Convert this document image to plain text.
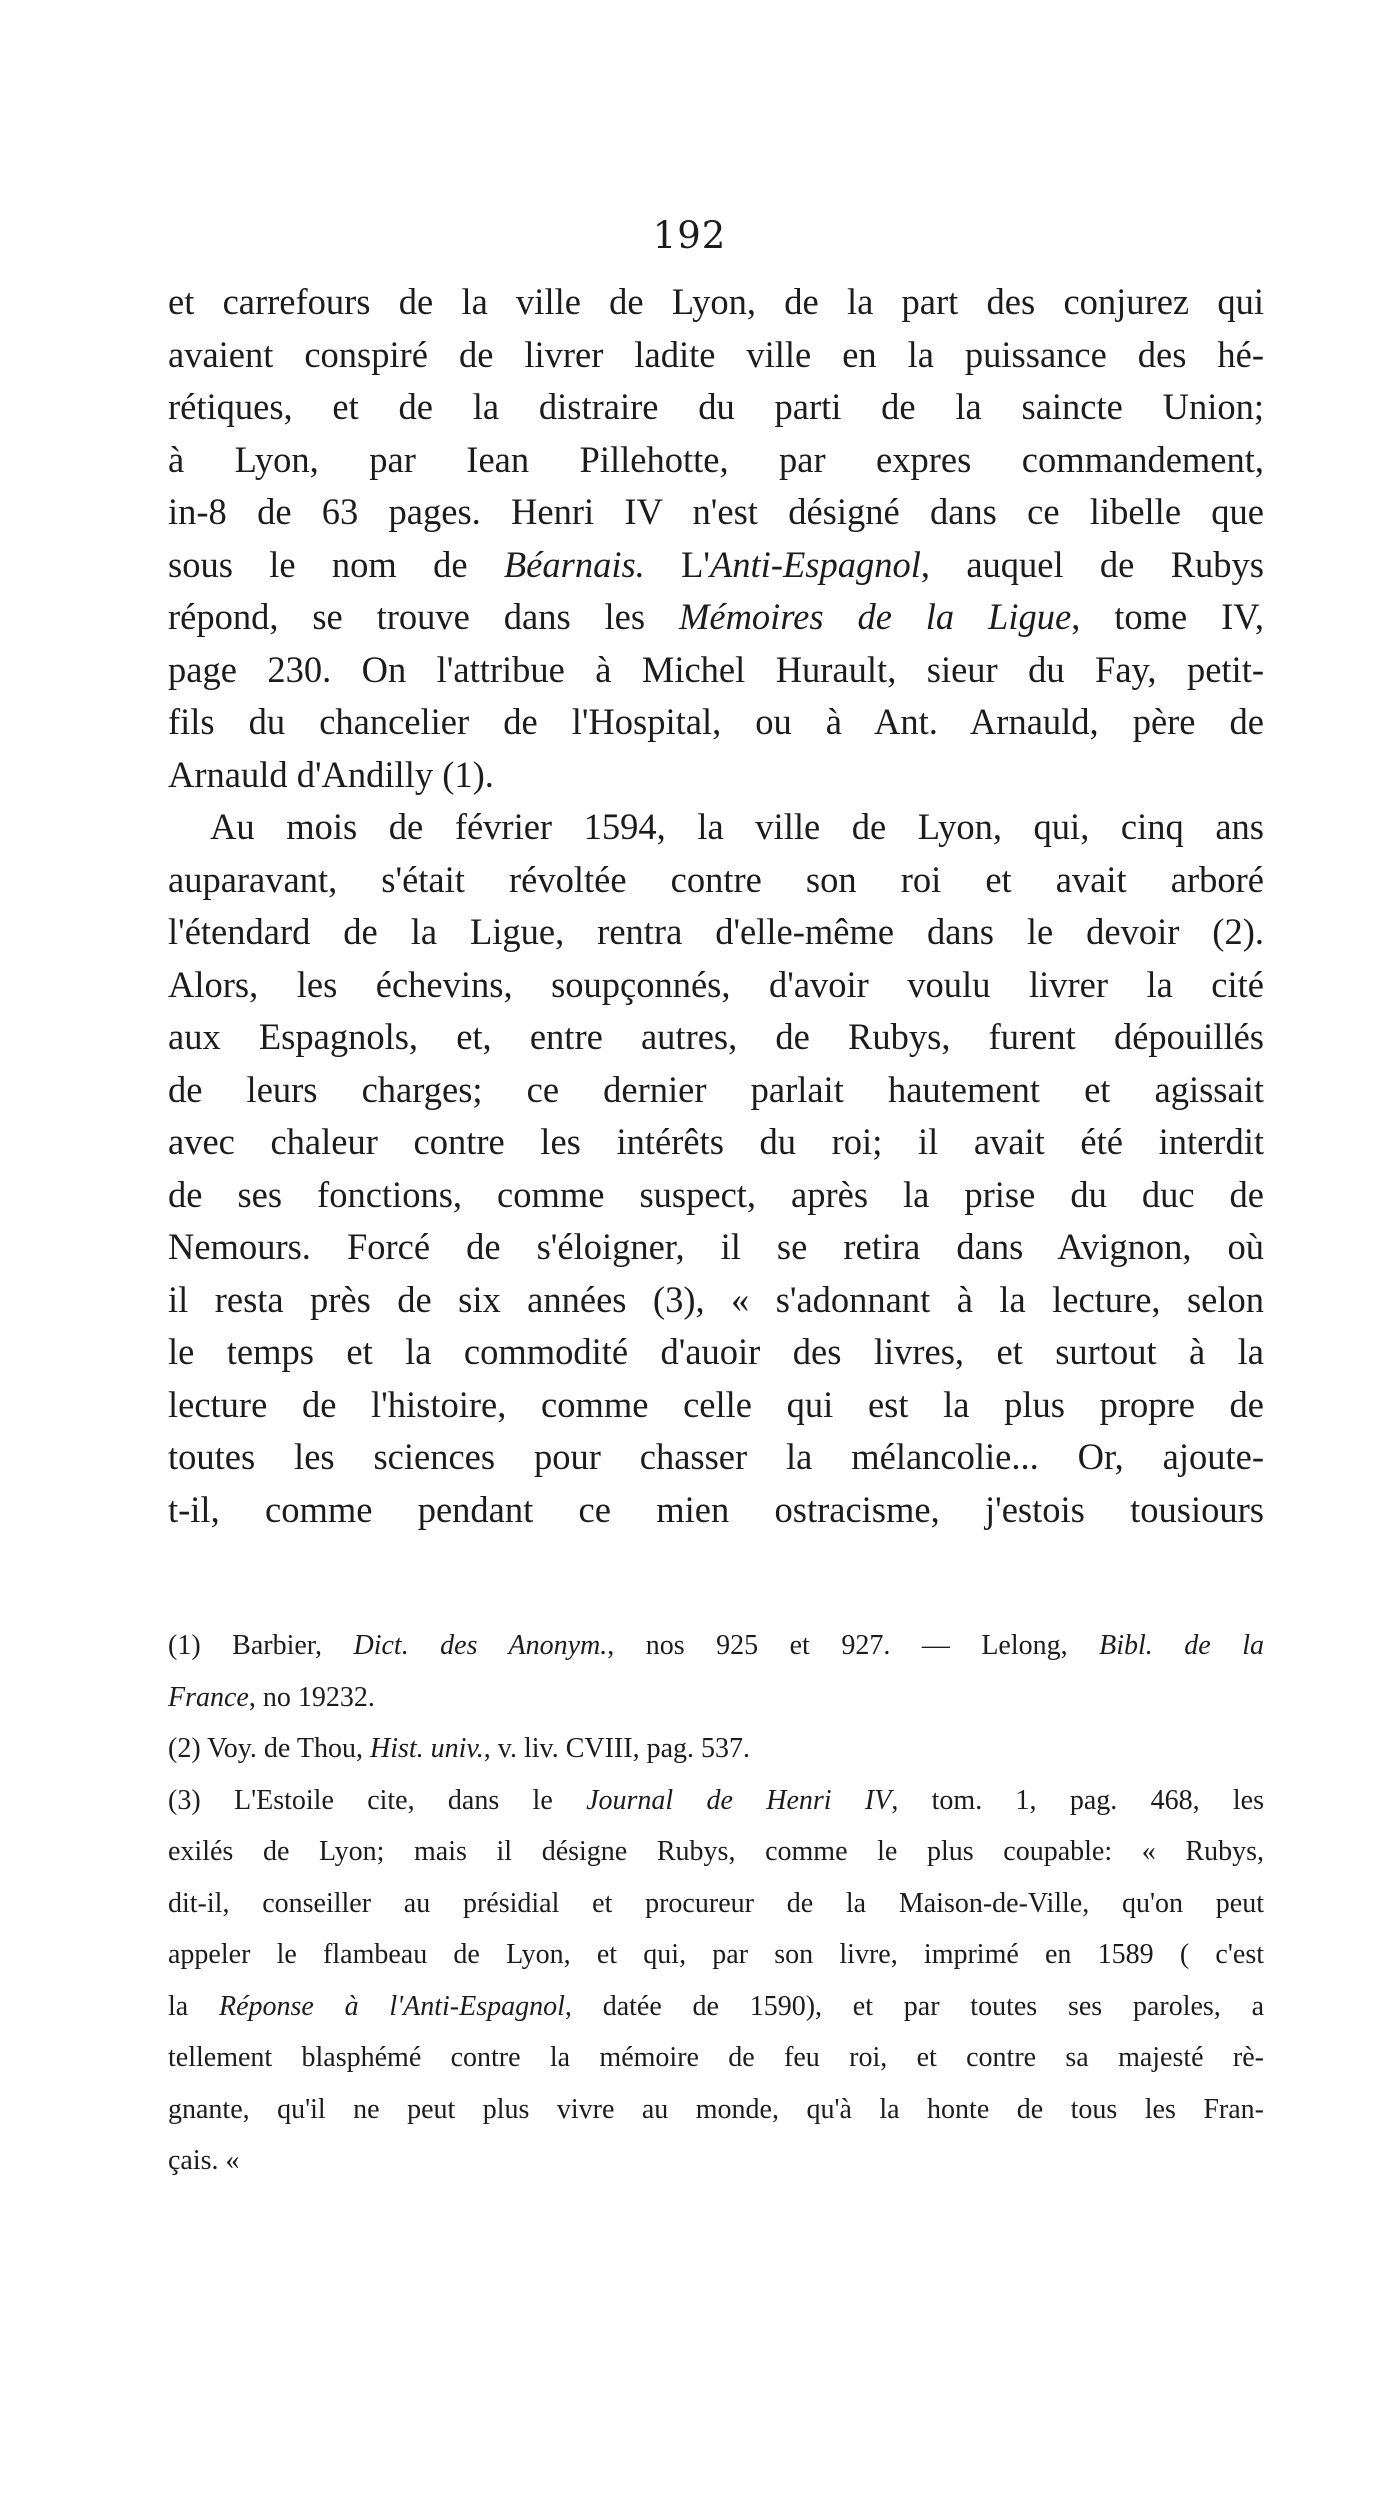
192
et carrefours de la ville de Lyon, de la part des conjurez qui
avaient conspiré de livrer ladite ville en la puissance des hé-
rétiques, et de la distraire du parti de la saincte Union;
à Lyon, par Iean Pillehotte, par expres commandement,
in-8 de 63 pages. Henri IV n'est désigné dans ce libelle que
sous le nom de Béarnais. L'Anti-Espagnol, auquel de Rubys
répond, se trouve dans les Mémoires de la Ligue, tome IV,
page 230. On l'attribue à Michel Hurault, sieur du Fay, petit-
fils du chancelier de l'Hospital, ou à Ant. Arnauld, père de
Arnauld d'Andilly (1).
Au mois de février 1594, la ville de Lyon, qui, cinq ans
auparavant, s'était révoltée contre son roi et avait arboré
l'étendard de la Ligue, rentra d'elle-même dans le devoir (2).
Alors, les échevins, soupçonnés, d'avoir voulu livrer la cité
aux Espagnols, et, entre autres, de Rubys, furent dépouillés
de leurs charges; ce dernier parlait hautement et agissait
avec chaleur contre les intérêts du roi; il avait été interdit
de ses fonctions, comme suspect, après la prise du duc de
Nemours. Forcé de s'éloigner, il se retira dans Avignon, où
il resta près de six années (3), « s'adonnant à la lecture, selon
le temps et la commodité d'auoir des livres, et surtout à la
lecture de l'histoire, comme celle qui est la plus propre de
toutes les sciences pour chasser la mélancolie... Or, ajoute-
t-il, comme pendant ce mien ostracisme, j'estois tousiours
(1) Barbier, Dict. des Anonym., nos 925 et 927. — Lelong, Bibl. de la
France, no 19232.
(2) Voy. de Thou, Hist. univ., v. liv. CVIII, pag. 537.
(3) L'Estoile cite, dans le Journal de Henri IV, tom. 1, pag. 468, les
exilés de Lyon; mais il désigne Rubys, comme le plus coupable: « Rubys,
dit-il, conseiller au présidial et procureur de la Maison-de-Ville, qu'on peut
appeler le flambeau de Lyon, et qui, par son livre, imprimé en 1589 ( c'est
la Réponse à l'Anti-Espagnol, datée de 1590), et par toutes ses paroles, a
tellement blasphémé contre la mémoire de feu roi, et contre sa majesté rè-
gnante, qu'il ne peut plus vivre au monde, qu'à la honte de tous les Fran-
çais. «
